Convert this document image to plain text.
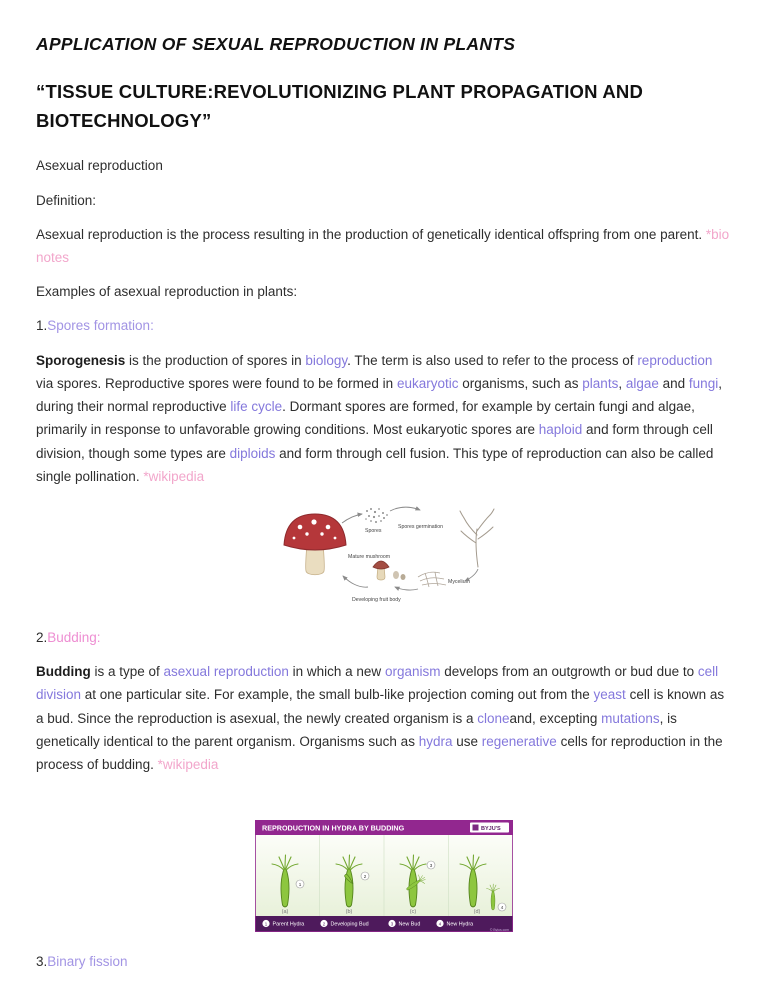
APPLICATION OF SEXUAL REPRODUCTION IN PLANTS
“TISSUE CULTURE:REVOLUTIONIZING PLANT PROPAGATION AND BIOTECHNOLOGY”

Asexual reproduction

Definition:

Asexual reproduction is the process resulting in the production of genetically identical offspring from one parent. *bio notes

Examples of asexual reproduction in plants:

1.Spores formation:

Sporogenesis is the production of spores in biology. The term is also used to refer to the process of reproduction via spores. Reproductive spores were found to be formed in eukaryotic organisms, such as plants, algae and fungi, during their normal reproductive life cycle. Dormant spores are formed, for example by certain fungi and algae, primarily in response to unfavorable growing conditions. Most eukaryotic spores are haploid and form through cell division, though some types are diploids and form through cell fusion. This type of reproduction can also be called single pollination. *wikipedia

Spores
Spores germination
Mature mushroom
Mycelium
Developing fruit body

2.Budding:

Budding is a type of asexual reproduction in which a new organism develops from an outgrowth or bud due to cell division at one particular site. For example, the small bulb-like projection coming out from the yeast cell is known as a bud. Since the reproduction is asexual, the newly created organism is a cloneand, excepting mutations, is genetically identical to the parent organism. Organisms such as hydra use regenerative cells for reproduction in the process of budding. *wikipedia

REPRODUCTION IN HYDRA BY BUDDING	BYJU'S
1
2
3
4
(a)	(b)	(c)	(d)
1 Parent Hydra	2 Developing Bud	3 New Bud	4 New Hydra
© Byjus.com

3.Binary fission
